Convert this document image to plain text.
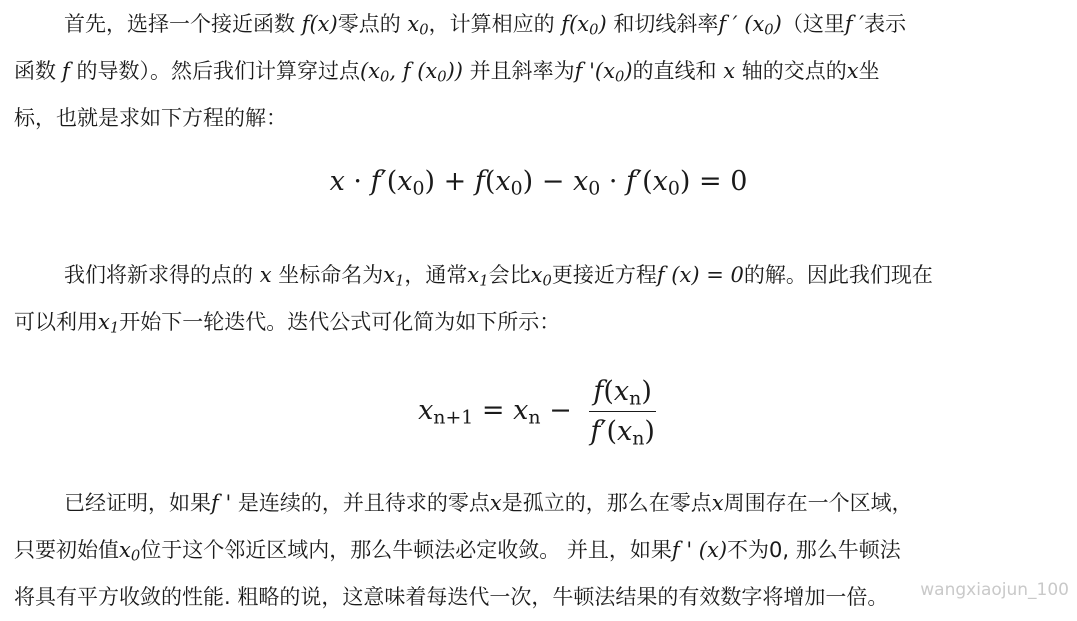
首先，选择一个接近函数 f(x)零点的 $x_0$，计算相应的 $f(x_0)$ 和切线斜率f ′ $(x_0)$（这里f ′表示
函数 f 的导数）。然后我们计算穿过点($x_0$, f $(x_0)$) 并且斜率为f '$(x_0)$的直线和 x 轴的交点的x坐
标，也就是求如下方程的解：
$x \cdot f'(x_0) + f(x_0) - x_0 \cdot f'(x_0) = 0$
我们将新求得的点的 x 坐标命名为$x_1$，通常$x_1$会比$x_0$更接近方程f (x) = 0的解。因此我们现在
可以利用$x_1$开始下一轮迭代。迭代公式可化简为如下所示：
$x_{n+1} = x_n - \frac{f(x_n)}{f'(x_n)}$
已经证明，如果f ' 是连续的，并且待求的零点x是孤立的，那么在零点x周围存在一个区域，
只要初始值$x_0$位于这个邻近区域内，那么牛顿法必定收敛。 并且，如果f ' (x)不为0, 那么牛顿法
将具有平方收敛的性能. 粗略的说，这意味着每迭代一次，牛顿法结果的有效数字将增加一倍。	wangxiaojun_100
